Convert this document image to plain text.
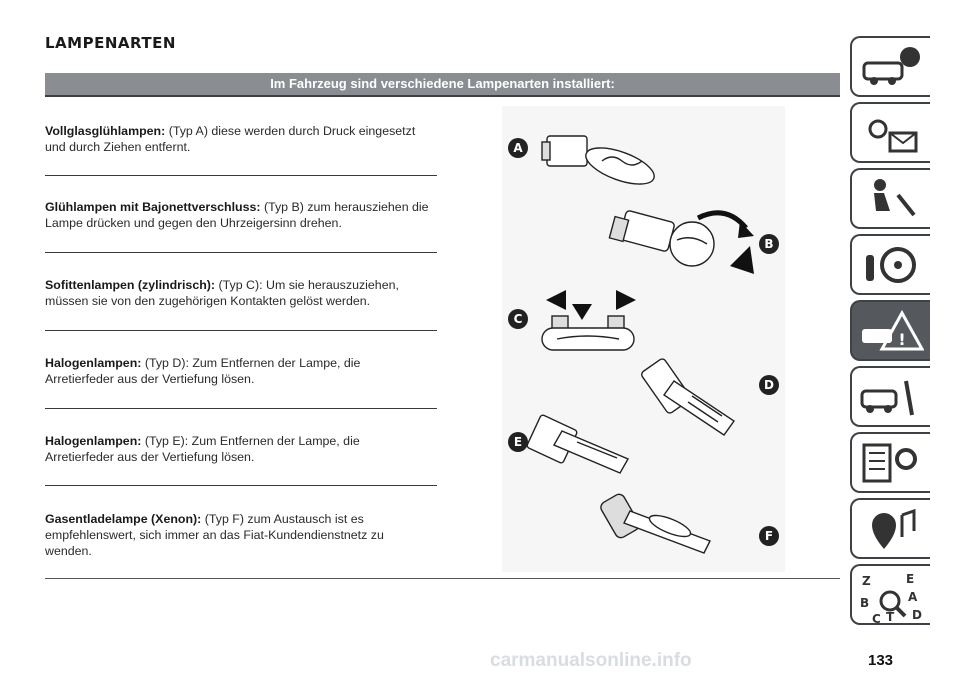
LAMPENARTEN
Im Fahrzeug sind verschiedene Lampenarten installiert:
Vollglasglühlampen: (Typ A) diese werden durch Druck eingesetzt
und durch Ziehen entfernt.
Glühlampen mit Bajonettverschluss: (Typ B) zum herausziehen die
Lampe drücken und gegen den Uhrzeigersinn drehen.
Sofittenlampen (zylindrisch): (Typ C): Um sie herauszuziehen,
müssen sie von den zugehörigen Kontakten gelöst werden.
Halogenlampen: (Typ D): Zum Entfernen der Lampe, die
Arretierfeder aus der Vertiefung lösen.
Halogenlampen: (Typ E): Zum Entfernen der Lampe, die
Arretierfeder aus der Vertiefung lösen.
Gasentladelampe (Xenon): (Typ F) zum Austausch ist es
empfehlenswert, sich immer an das Fiat-Kundendienstnetz zu
wenden.
A
B
C
D
E
F
!
Z	E
A
B
C T D
carmanualsonline.info	133
